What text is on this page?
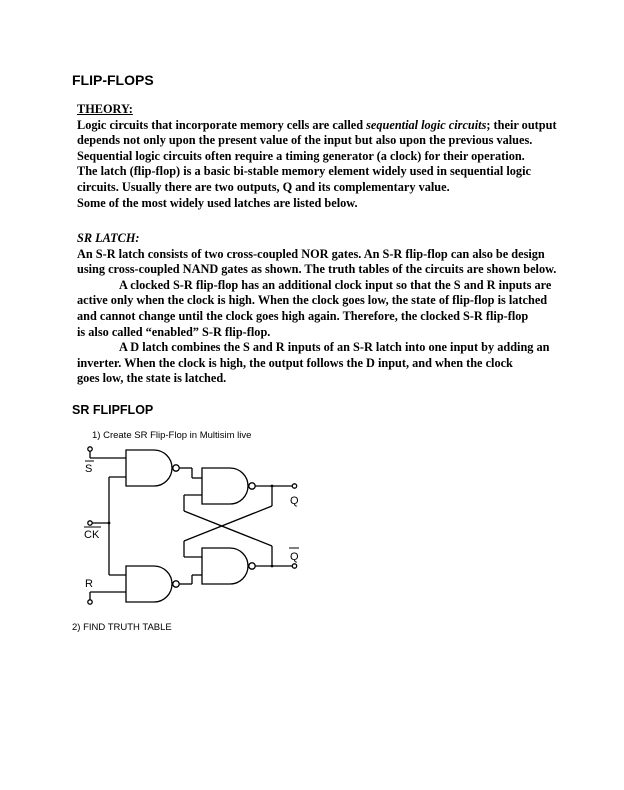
FLIP-FLOPS
THEORY:
Logic circuits that incorporate memory cells are called sequential logic circuits; their output
depends not only upon the present value of the input but also upon the previous values.
Sequential logic circuits often require a timing generator (a clock) for their operation.
The latch (flip-flop) is a basic bi-stable memory element widely used in sequential logic
circuits. Usually there are two outputs, Q and its complementary value.
Some of the most widely used latches are listed below.
SR LATCH:
An S-R latch consists of two cross-coupled NOR gates. An S-R flip-flop can also be design
using cross-coupled NAND gates as shown. The truth tables of the circuits are shown below.
A clocked S-R flip-flop has an additional clock input so that the S and R inputs are
active only when the clock is high. When the clock goes low, the state of flip-flop is latched
and cannot change until the clock goes high again. Therefore, the clocked S-R flip-flop
is also called “enabled” S-R flip-flop.
A D latch combines the S and R inputs of an S-R latch into one input by adding an
inverter. When the clock is high, the output follows the D input, and when the clock
goes low, the state is latched.
SR FLIPFLOP
1) Create SR Flip-Flop in Multisim live
S
CK
R
Q
Q
2) FIND TRUTH TABLE
